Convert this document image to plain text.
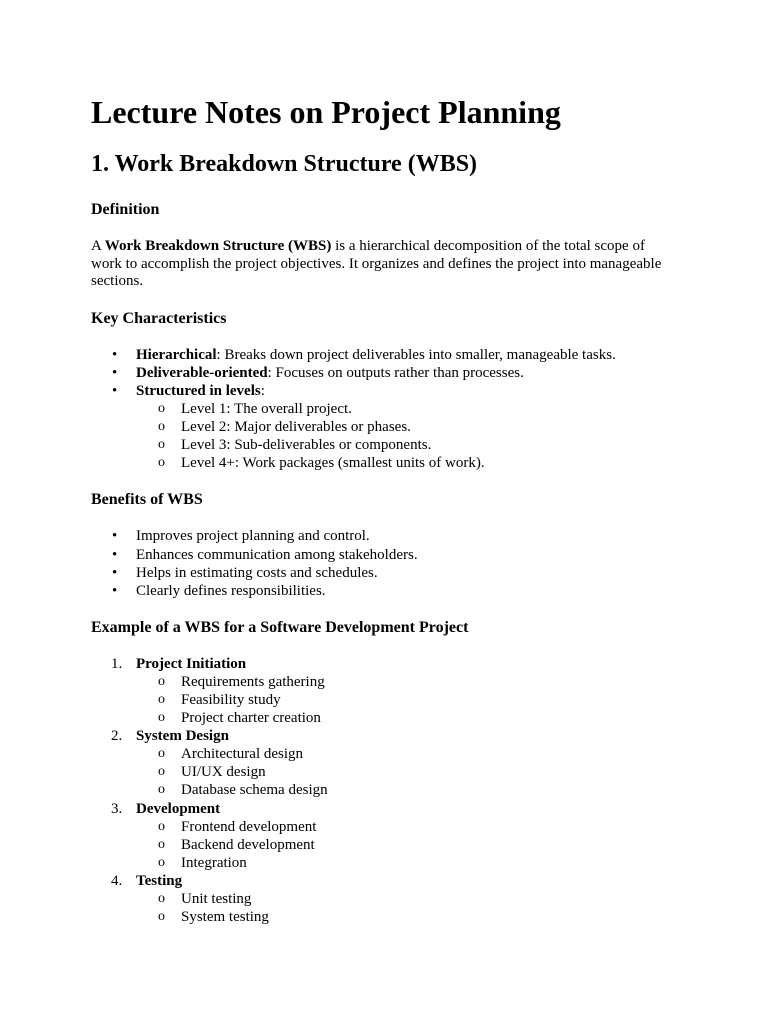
Lecture Notes on Project Planning
1. Work Breakdown Structure (WBS)
Definition

A Work Breakdown Structure (WBS) is a hierarchical decomposition of the total scope of work to accomplish the project objectives. It organizes and defines the project into manageable sections.

Key Characteristics
• Hierarchical: Breaks down project deliverables into smaller, manageable tasks.
• Deliverable-oriented: Focuses on outputs rather than processes.
• Structured in levels:
o Level 1: The overall project.
o Level 2: Major deliverables or phases.
o Level 3: Sub-deliverables or components.
o Level 4+: Work packages (smallest units of work).
Benefits of WBS
• Improves project planning and control.
• Enhances communication among stakeholders.
• Helps in estimating costs and schedules.
• Clearly defines responsibilities.
Example of a WBS for a Software Development Project
1. Project Initiation
o Requirements gathering
o Feasibility study
o Project charter creation
2. System Design
o Architectural design
o UI/UX design
o Database schema design
3. Development
o Frontend development
o Backend development
o Integration
4. Testing
o Unit testing
o System testing
